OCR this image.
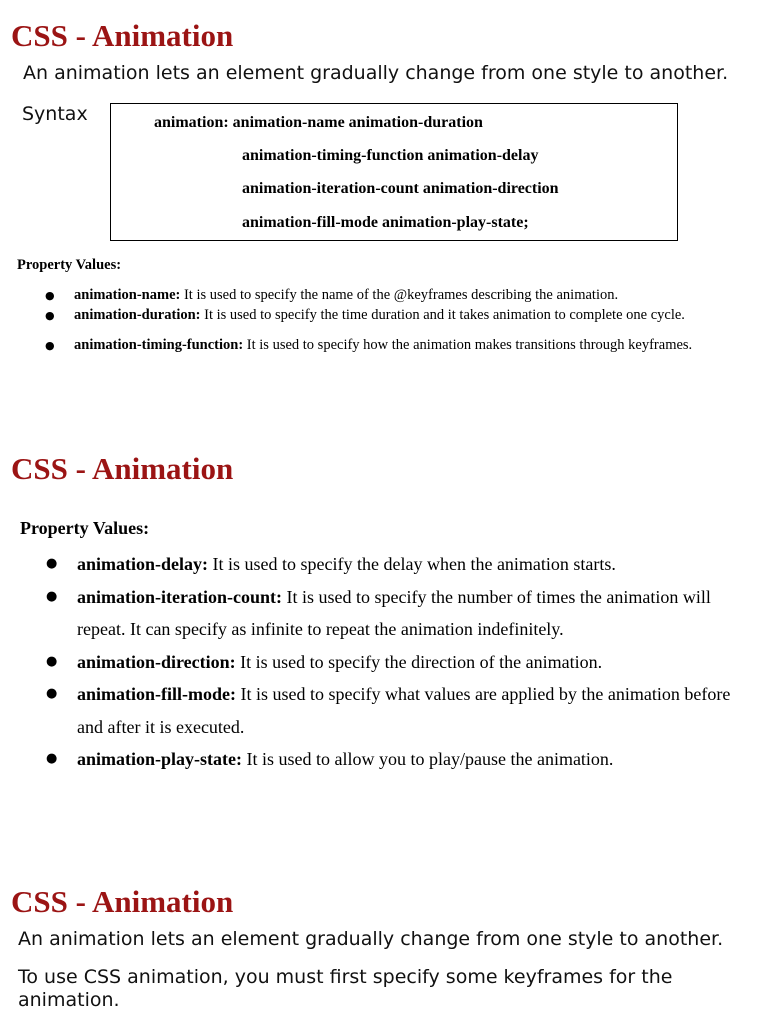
CSS - Animation

An animation lets an element gradually change from one style to another.

Syntax	animation: animation-name animation-duration
animation-timing-function animation-delay
animation-iteration-count animation-direction
animation-fill-mode animation-play-state;

Property Values:

● animation-name: It is used to specify the name of the @keyframes describing the animation.
● animation-duration: It is used to specify the time duration and it takes animation to complete one cycle.
● animation-timing-function: It is used to specify how the animation makes transitions through keyframes.
CSS - Animation

Property Values:

● animation-delay: It is used to specify the delay when the animation starts.
● animation-iteration-count: It is used to specify the number of times the animation will repeat. It can specify as infinite to repeat the animation indefinitely.
● animation-direction: It is used to specify the direction of the animation.
● animation-fill-mode: It is used to specify what values are applied by the animation before and after it is executed.
● animation-play-state: It is used to allow you to play/pause the animation.
CSS - Animation

An animation lets an element gradually change from one style to another.

To use CSS animation, you must first specify some keyframes for the animation.
